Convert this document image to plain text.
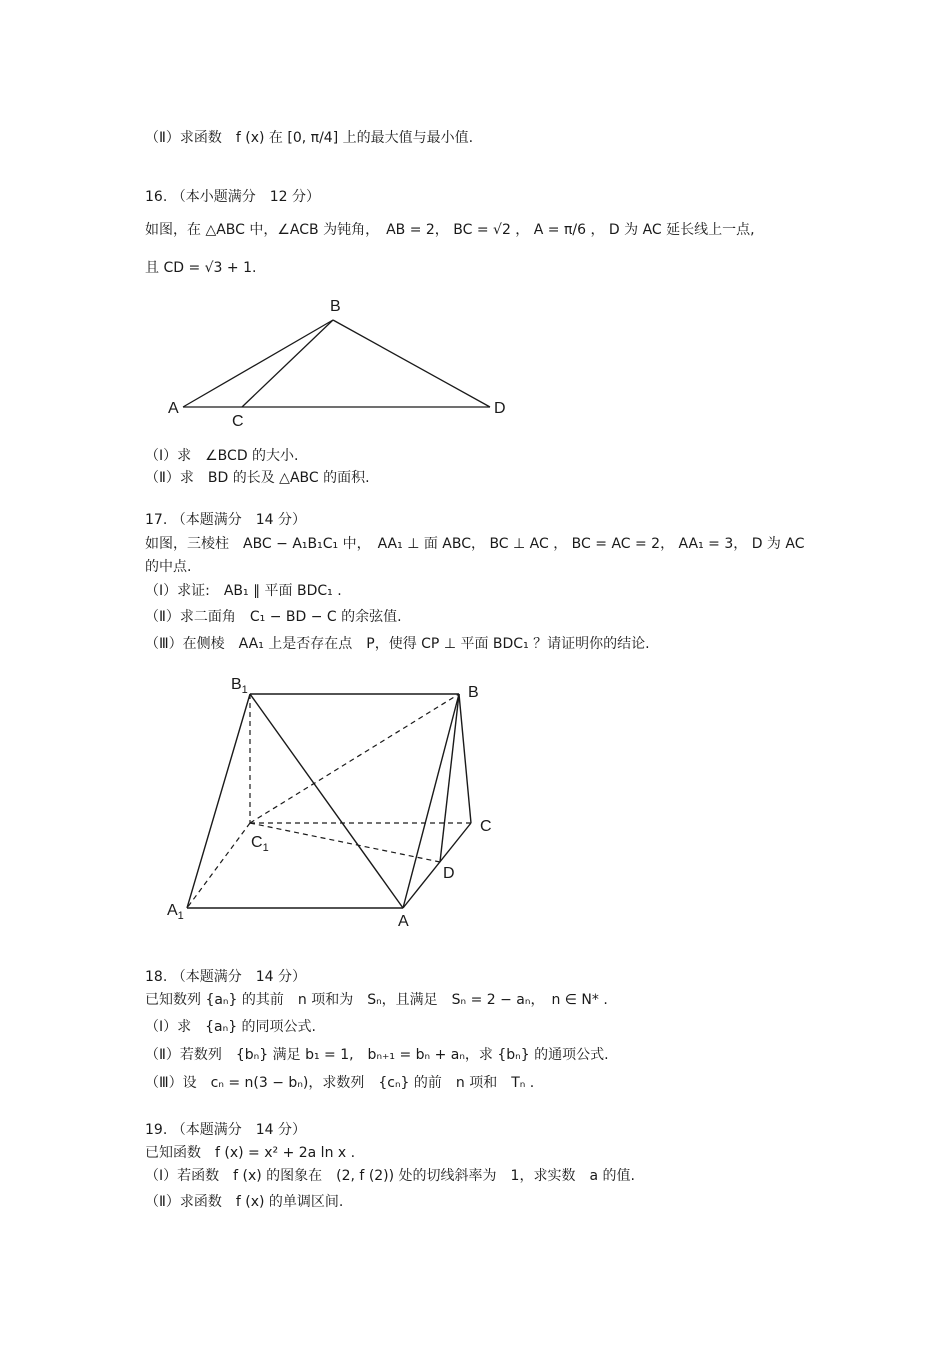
（Ⅱ）求函数　f (x) 在 [0, π/4] 上的最大值与最小值.
16. （本小题满分　12 分）
如图，在 △ABC 中，∠ACB 为钝角，　AB = 2， BC = √2 ， A = π/6 ， D 为 AC 延长线上一点,
且 CD = √3 + 1.
B
A
C
D
（Ⅰ）求　∠BCD 的大小.
（Ⅱ）求　BD 的长及 △ABC 的面积.
17. （本题满分　14 分）
如图，三棱柱　ABC − A₁B₁C₁ 中，　AA₁ ⊥ 面 ABC， BC ⊥ AC ， BC = AC = 2， AA₁ = 3， D 为 AC
的中点.
（Ⅰ）求证:　AB₁ ∥ 平面 BDC₁ .
（Ⅱ）求二面角　C₁ − BD − C 的余弦值.
（Ⅲ）在侧棱　AA₁ 上是否存在点　P，使得 CP ⊥ 平面 BDC₁ ？请证明你的结论.
$B_1$	B
C
$C_1$
D
$A_1$	A
18. （本题满分　14 分）
已知数列 {aₙ} 的其前　n 项和为　Sₙ，且满足　Sₙ = 2 − aₙ，　n ∈ N* .
（Ⅰ）求　{aₙ} 的同项公式.
（Ⅱ）若数列　{bₙ} 满足 b₁ = 1,　bₙ₊₁ = bₙ + aₙ，求 {bₙ} 的通项公式.
（Ⅲ）设　cₙ = n(3 − bₙ)，求数列　{cₙ} 的前　n 项和　Tₙ .
19. （本题满分　14 分）
已知函数　f (x) = x² + 2a ln x .
（Ⅰ）若函数　f (x) 的图象在　(2, f (2)) 处的切线斜率为　1，求实数　a 的值.
（Ⅱ）求函数　f (x) 的单调区间.
